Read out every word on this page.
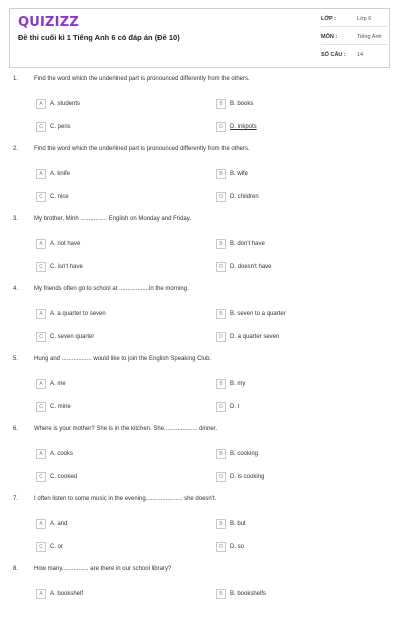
QUIZIZZ
Đề thi cuối kì 1 Tiếng Anh 6 có đáp án (Đề 10)
LỚP :	Lớp 6
MÔN :	Tiếng Anh
SỐ CÂU : 14
1.	Find the word which the underlined part is pronounced differently from the others.
A A. students	B B. books
C C. pens	D D. inkpots
2.	Find the word which the underlined part is pronounced differently from the others.
A A. knife	B B. wife
C C. nice	D D. children
3.	My brother, Minh ................ English on Monday and Friday.
A A. not have	B B. don't have
C C. isn't have	D D. doesn't have
4.	My friends often go to school at ..................in the morning.
A A. a quarter to seven	B B. seven to a quarter
C C. seven quarter	D D. a quarter seven
5.	Hung and .................. would like to join the English Speaking Club.
A A. me	B B. my
C C. mine	D D. I
6.	Where is your mother? She is in the kitchen. She.................... dinner.
A A. cooks	B B. cooking
C C. cooked	D D. is cooking
7.	I often listen to some music in the evening...................... she doesn't.
A A. and	B B. but
C C. or	D D. so
8.	How many................ are there in our school library?
A A. bookshelf	B B. bookshelfs
